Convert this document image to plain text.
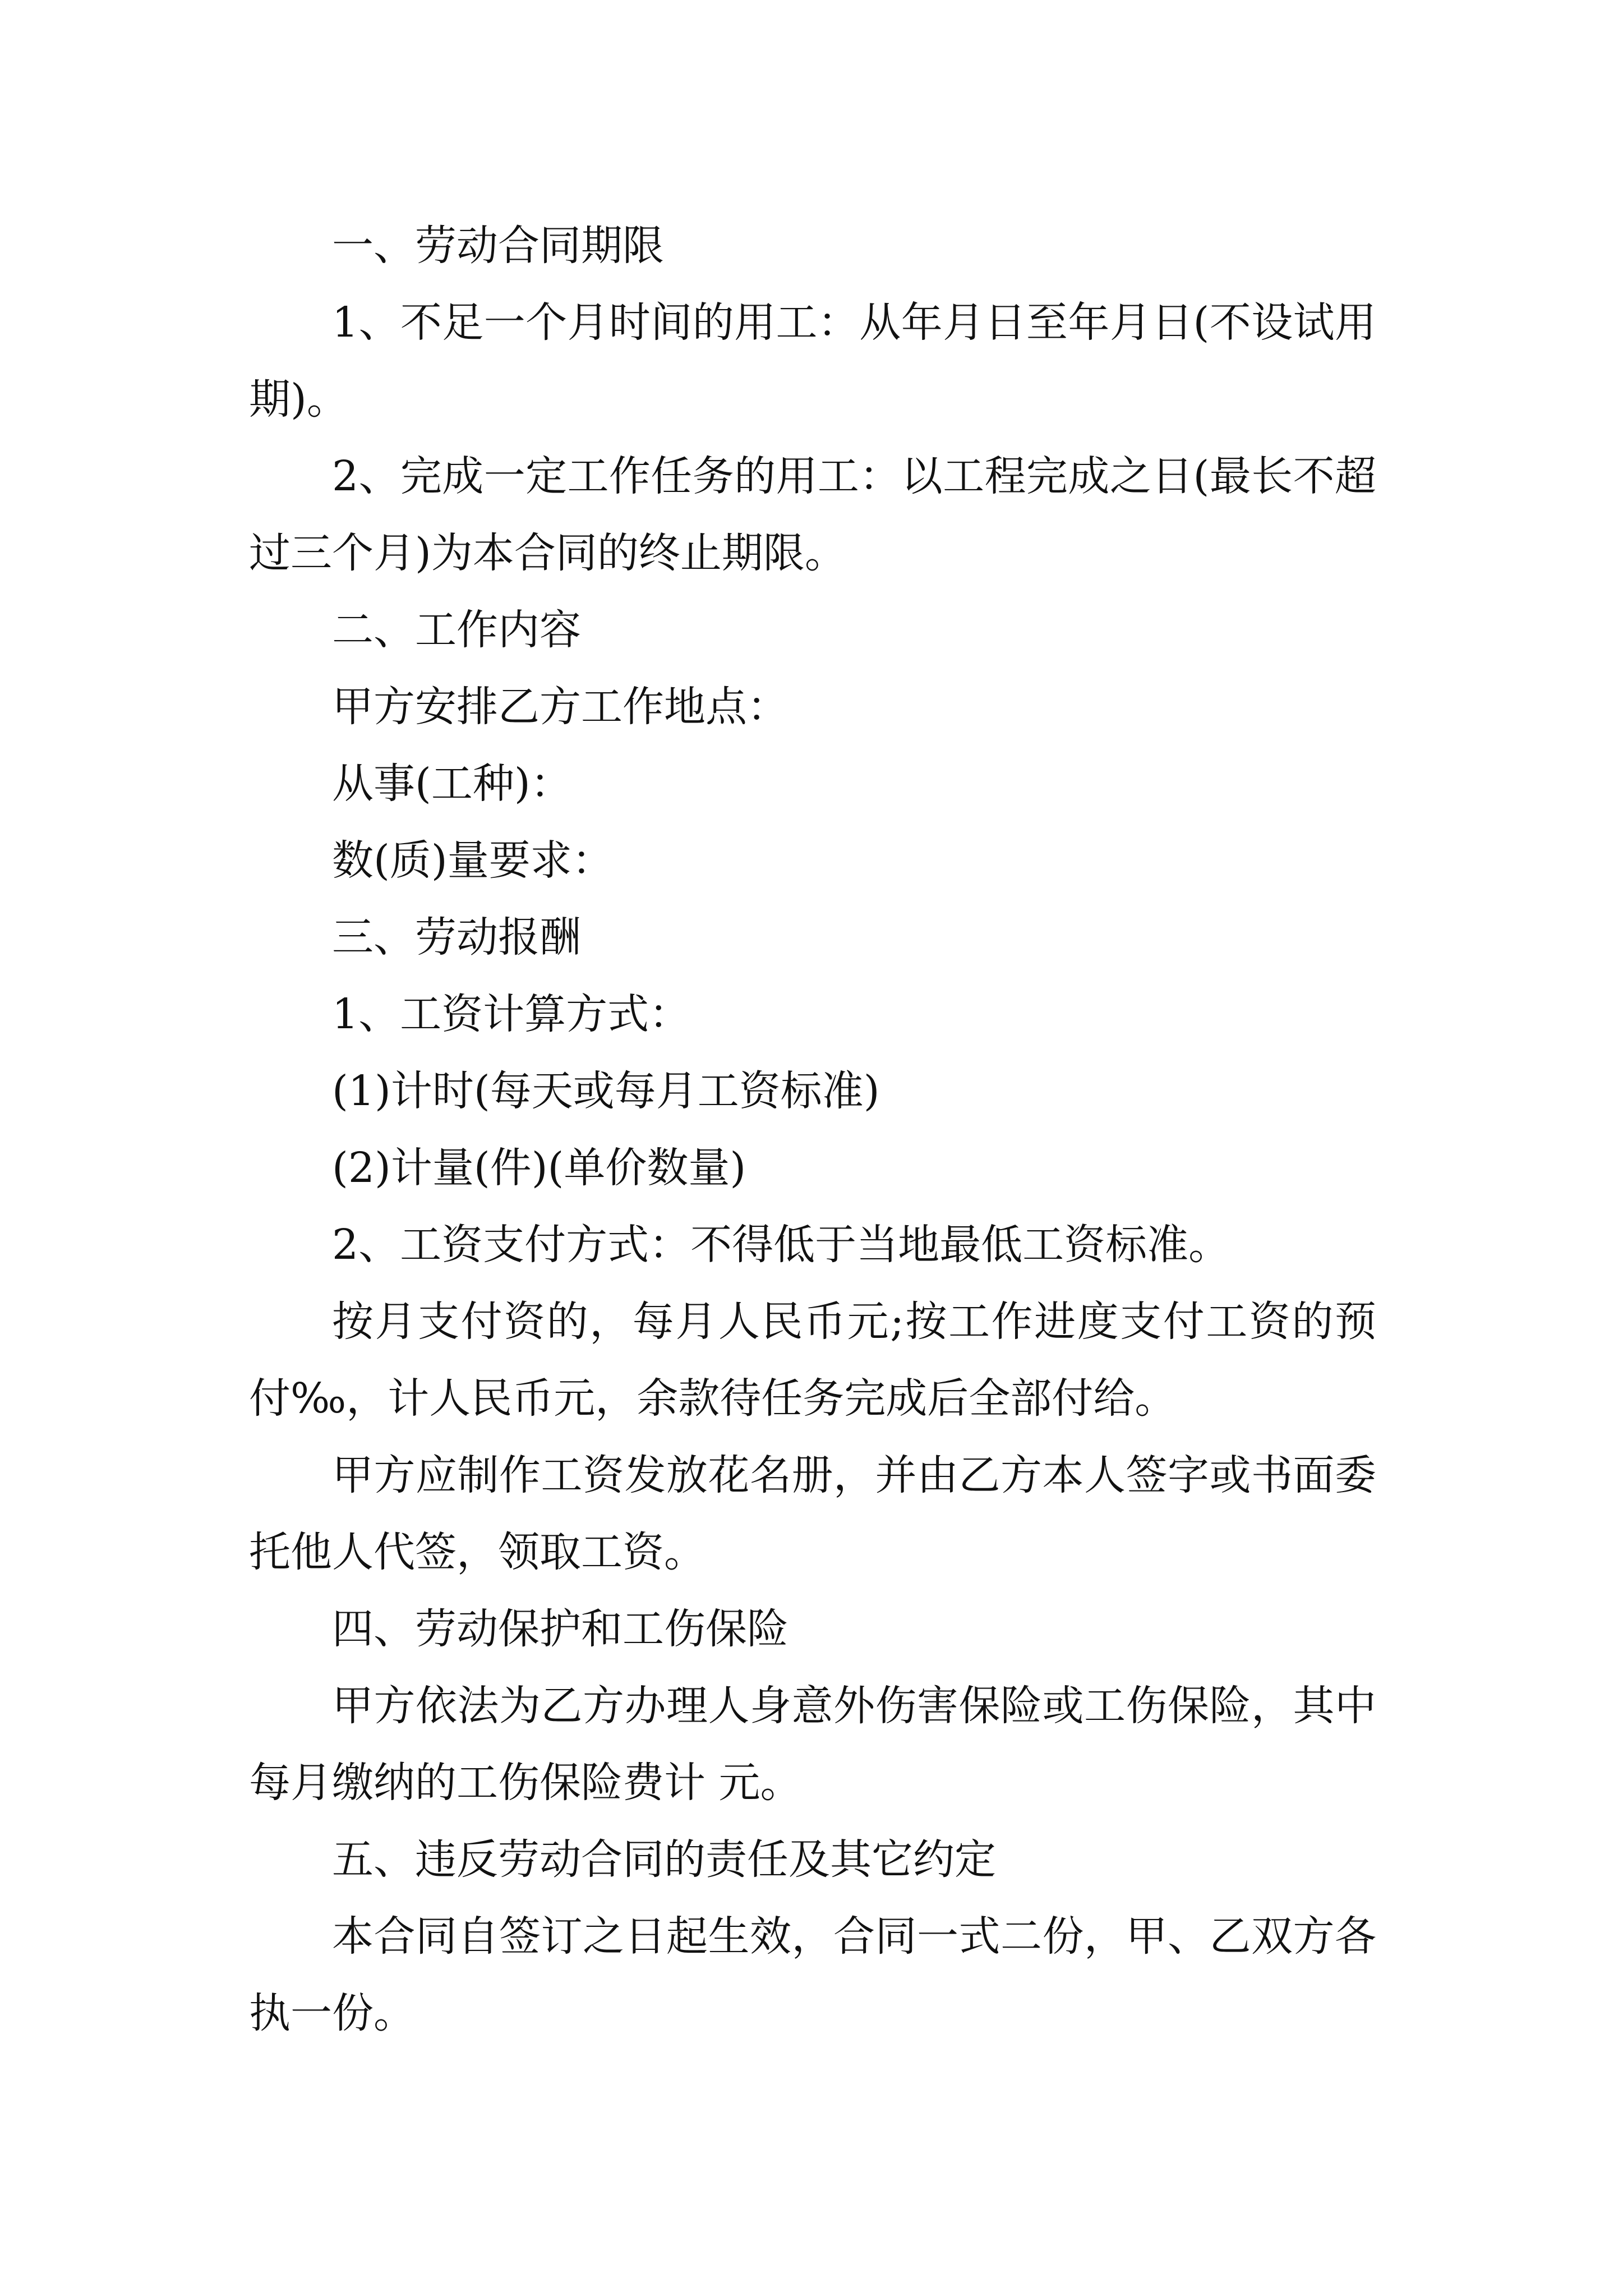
一、劳动合同期限

1、不足一个月时间的用工：从年月日至年月日(不设试用期)。

2、完成一定工作任务的用工：以工程完成之日(最长不超过三个月)为本合同的终止期限。

二、工作内容

甲方安排乙方工作地点：

从事(工种)：

数(质)量要求：

三、劳动报酬

1、工资计算方式：

(1)计时(每天或每月工资标准)

(2)计量(件)(单价数量)

2、工资支付方式：不得低于当地最低工资标准。

按月支付资的，每月人民币元;按工作进度支付工资的预付‰，计人民币元，余款待任务完成后全部付给。

甲方应制作工资发放花名册，并由乙方本人签字或书面委托他人代签，领取工资。

四、劳动保护和工伤保险

甲方依法为乙方办理人身意外伤害保险或工伤保险，其中每月缴纳的工伤保险费计 元。

五、违反劳动合同的责任及其它约定

本合同自签订之日起生效，合同一式二份，甲、乙双方各执一份。
